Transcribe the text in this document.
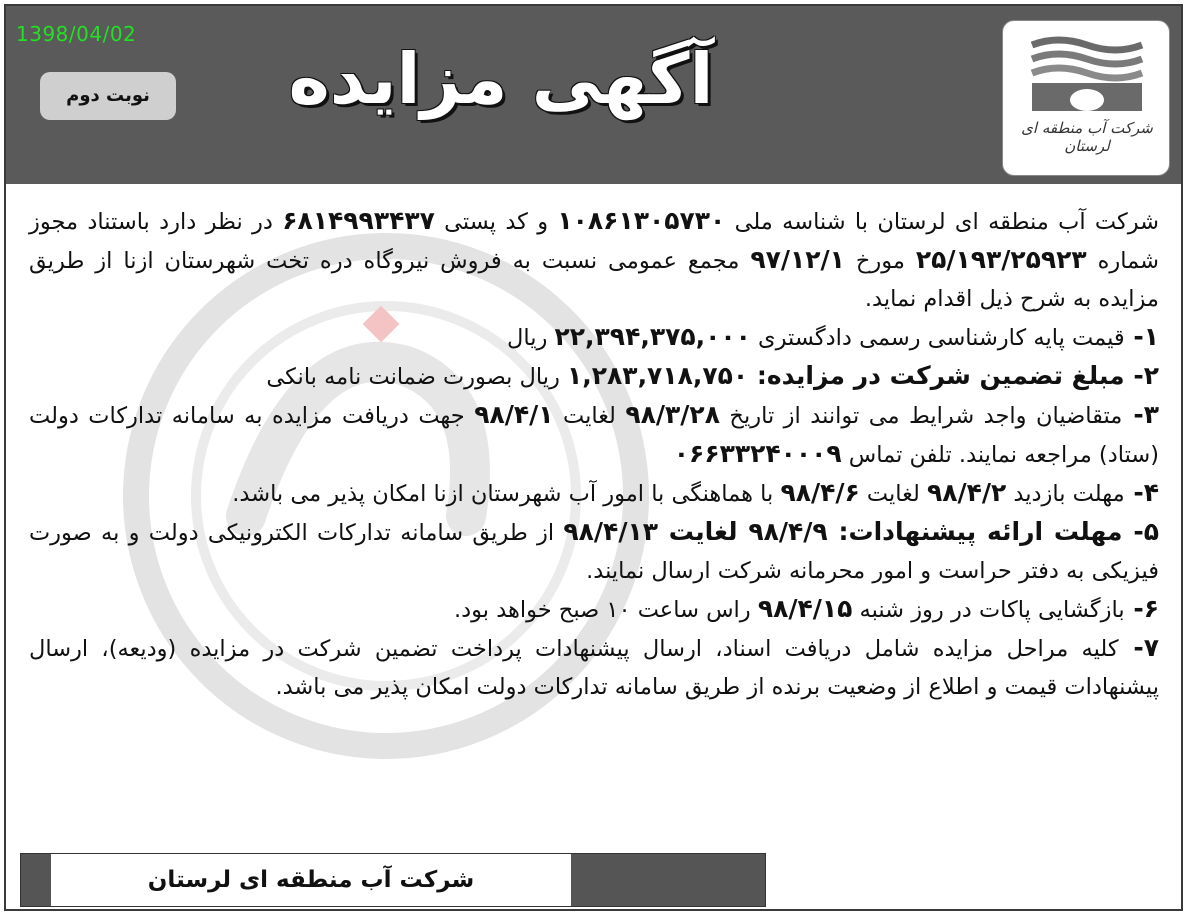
1398/04/02
آگهی مزایده
نوبت دوم
شرکت آب منطقه ای لرستان

شرکت آب منطقه ای لرستان با شناسه ملی ۱۰۸۶۱۳۰۵۷۳۰ و کد پستی ۶۸۱۴۹۹۳۴۳۷ در نظر دارد باستناد مجوز شماره ۲۵/۱۹۳/۲۵۹۲۳ مورخ ۹۷/۱۲/۱ مجمع عمومی نسبت به فروش نیروگاه دره تخت شهرستان ازنا از طریق مزایده به شرح ذیل اقدام نماید.

۱- قیمت پایه کارشناسی رسمی دادگستری ۲۲,۳۹۴,۳۷۵,۰۰۰ ریال

۲- مبلغ تضمین شرکت در مزایده: ۱,۲۸۳,۷۱۸,۷۵۰ ریال بصورت ضمانت نامه بانکی

۳- متقاضیان واجد شرایط می توانند از تاریخ ۹۸/۳/۲۸ لغایت ۹۸/۴/۱ جهت دریافت مزایده به سامانه تدارکات دولت (ستاد) مراجعه نمایند. تلفن تماس ۰۶۶۳۳۲۴۰۰۰۹

۴- مهلت بازدید ۹۸/۴/۲ لغایت ۹۸/۴/۶ با هماهنگی با امور آب شهرستان ازنا امکان پذیر می باشد.

۵- مهلت ارائه پیشنهادات: ۹۸/۴/۹ لغایت ۹۸/۴/۱۳ از طریق سامانه تدارکات الکترونیکی دولت و به صورت فیزیکی به دفتر حراست و امور محرمانه شرکت ارسال نمایند.

۶- بازگشایی پاکات در روز شنبه ۹۸/۴/۱۵ راس ساعت ۱۰ صبح خواهد بود.

۷- کلیه مراحل مزایده شامل دریافت اسناد، ارسال پیشنهادات پرداخت تضمین شرکت در مزایده (ودیعه)، ارسال پیشنهادات قیمت و اطلاع از وضعیت برنده از طریق سامانه تدارکات دولت امکان پذیر می باشد.

شرکت آب منطقه ای لرستان
